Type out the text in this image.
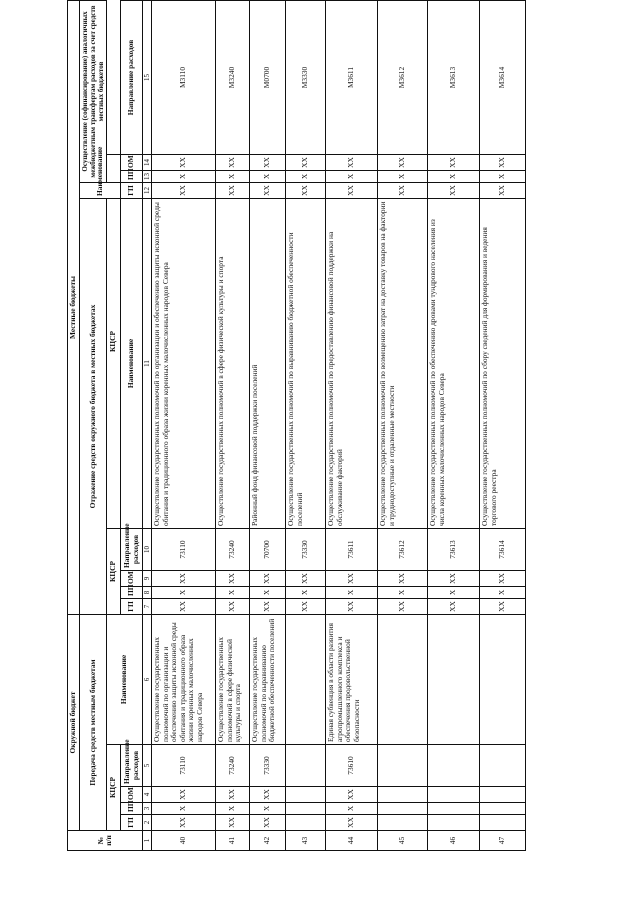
№
п/п	Окружной бюджет					Местные бюджеты								
	Передача средств местным бюджетам					Отражение средств окружного бюджета в местных бюджетах					Наименование	Осуществление (софинансирование) аналогичных межбюджетным трансфертам расходов за счет средств местных бюджетов		
	КЦСР				Наименование	КЦСР				КЦСР				
	ГП	ПП	ОМ	Направление расходов		ГП	ПП	ОМ	Направление расходов	Наименование	ГП	ПП	ОМ	Направление расходов
1	2	3	4	5	6	7	8	9	10	11	12	13	14	15
40	XX	X	XX	73110	Осуществление государственных полномочий по организации и обеспечению защиты исконной среды обитания и традиционного образа жизни коренных малочисленных народов Севера	XX	X	XX	73110	Осуществление государственных полномочий по организации и обеспечению защиты исконной среды обитания и традиционного образа жизни коренных малочисленных народов Севера	XX	X	XX	M3110
41	XX	X	XX	73240	Осуществление государственных полномочий в сфере физической культуры и спорта	XX	X	XX	73240	Осуществление государственных полномочий в сфере физической культуры и спорта	XX	X	XX	M3240
42	XX	X	XX	73330	Осуществление государственных полномочий по выравниванию бюджетной обеспеченности поселений	XX	X	XX	70700	Районный фонд финансовой поддержки поселений	XX	X	XX	M0700
43						XX	X	XX	73330	Осуществление государственных полномочий по выравниванию бюджетной обеспеченности поселений	XX	X	XX	M3330
44	XX	X	XX	73610	Единая субвенция в области развития агропромышленного комплекса и обеспечения продовольственной безопасности	XX	X	XX	73611	Осуществление государственных полномочий по предоставлению финансовой поддержки на обслуживание факторий	XX	X	XX	M3611
45						XX	X	XX	73612	Осуществление государственных полномочий по возмещению затрат на доставку товаров на фактории и труднодоступные и отдаленные местности	XX	X	XX	M3612
46						XX	X	XX	73613	Осуществление государственных полномочий по обеспечению дровами тундрового населения из числа коренных малочисленных народов Севера	XX	X	XX	M3613
47						XX	X	XX	73614	Осуществление государственных полномочий по сбору сведений для формирования и ведения торгового реестра	XX	X	XX	M3614
